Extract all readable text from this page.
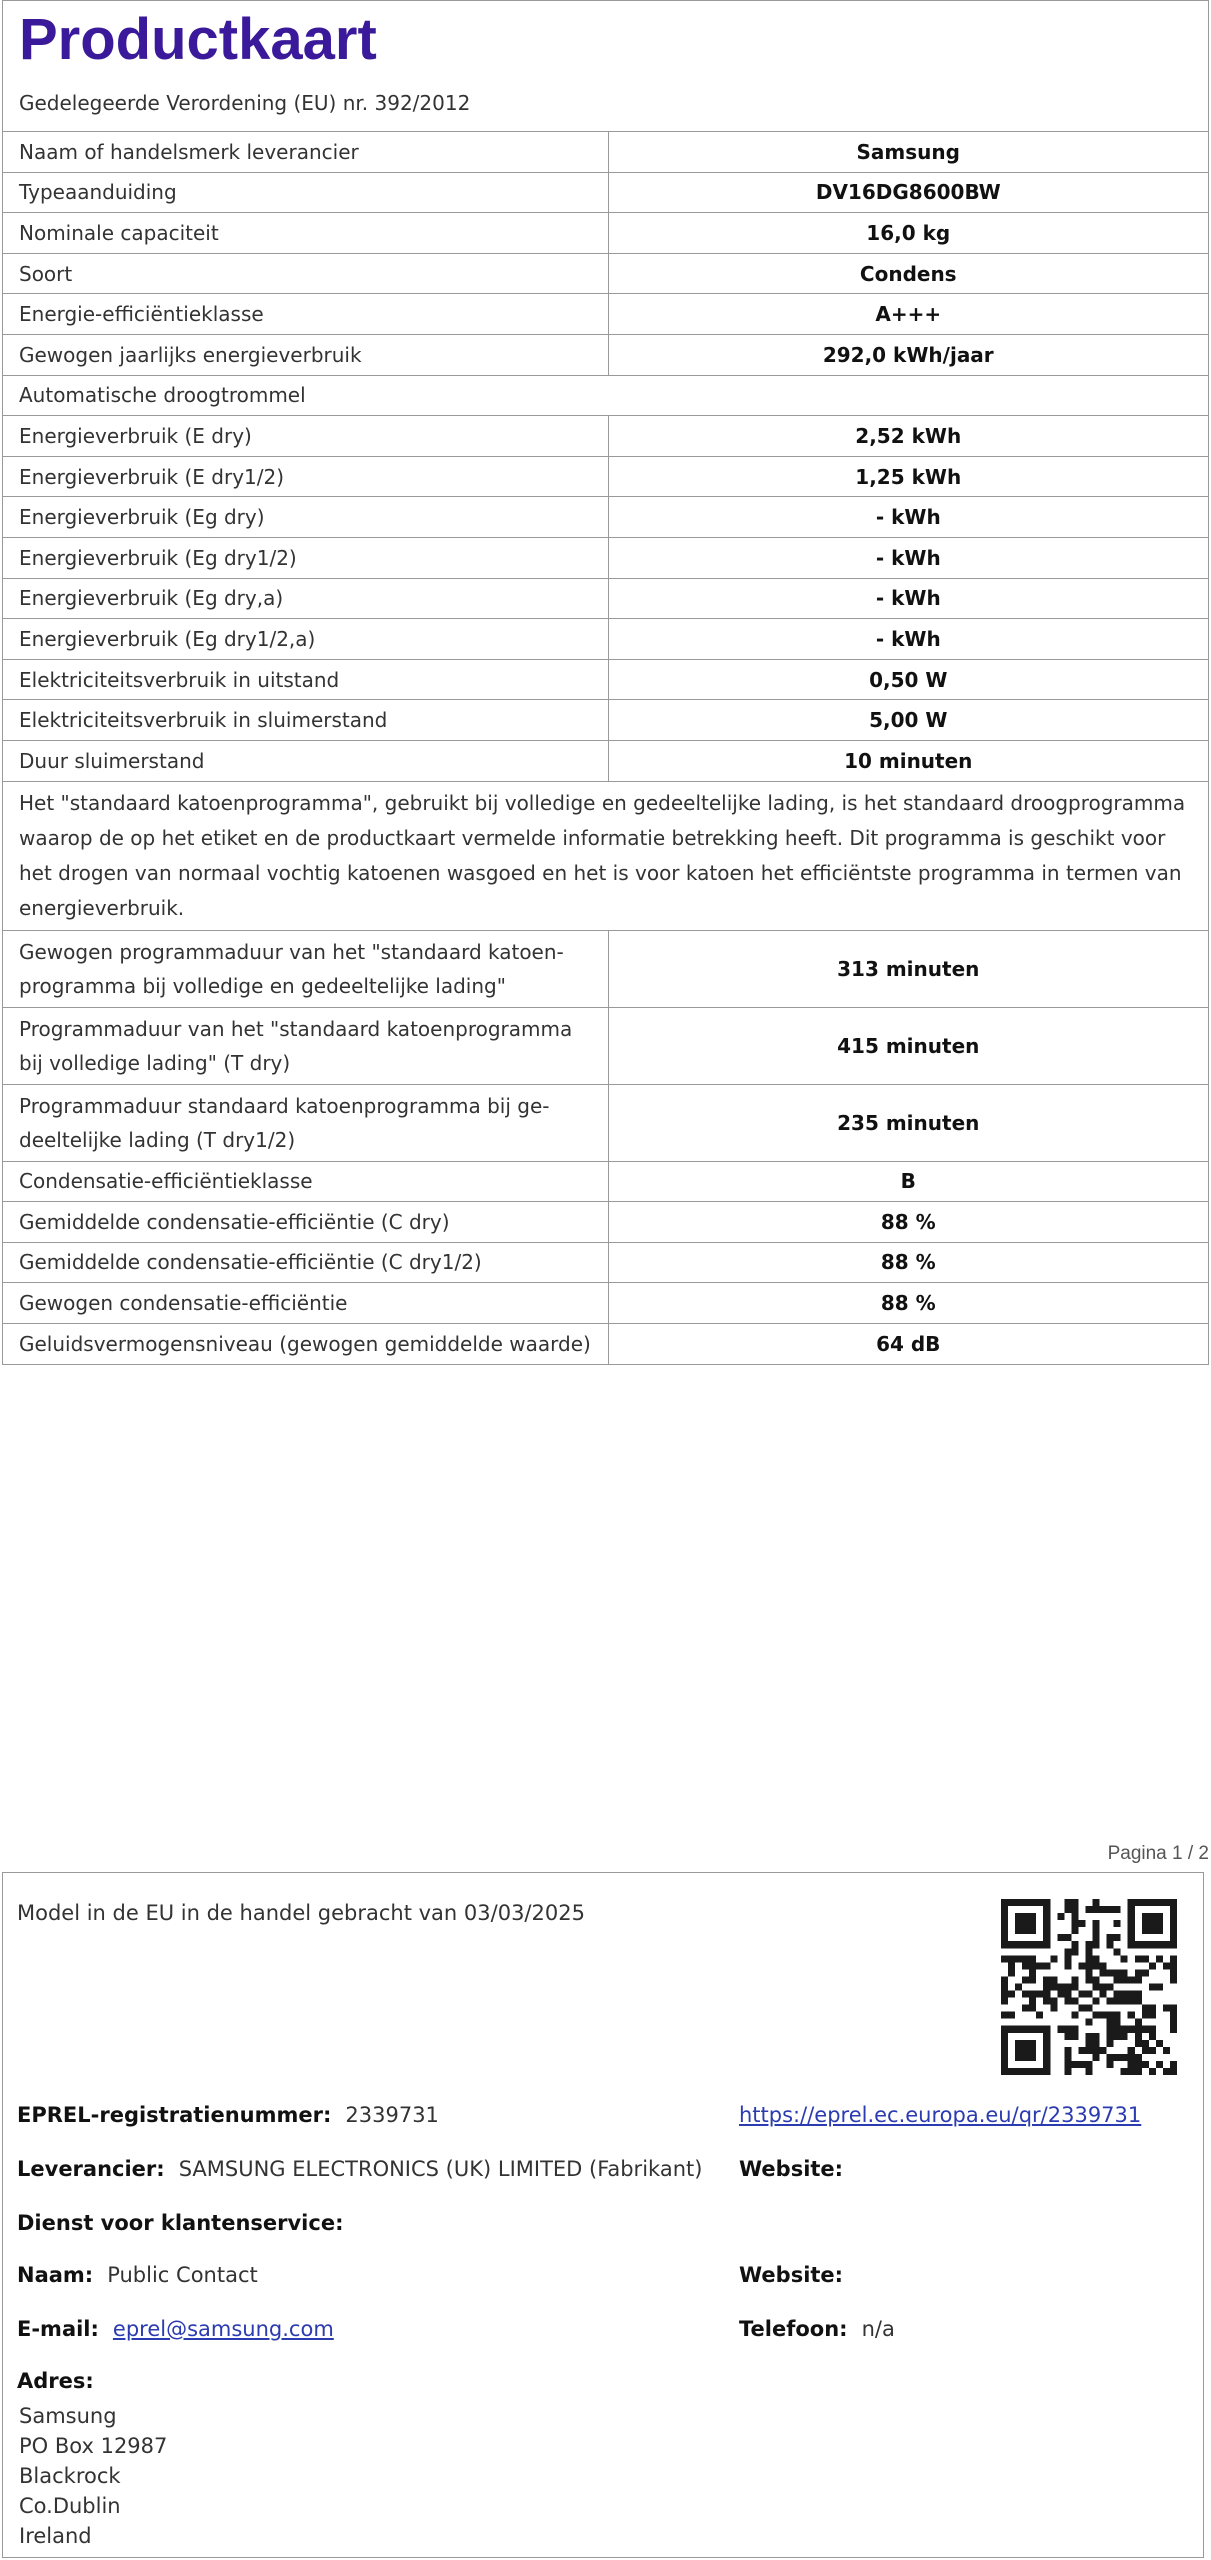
Productkaart
Gedelegeerde Verordening (EU) nr. 392/2012
Naam of handelsmerk leverancier	Samsung
Typeaanduiding	DV16DG8600BW
Nominale capaciteit	16,0 kg
Soort	Condens
Energie-efficiëntieklasse	A+++
Gewogen jaarlijks energieverbruik	292,0 kWh/jaar
Automatische droogtrommel	
Energieverbruik (E dry)	2,52 kWh
Energieverbruik (E dry1/2)	1,25 kWh
Energieverbruik (Eg dry)	- kWh
Energieverbruik (Eg dry1/2)	- kWh
Energieverbruik (Eg dry,a)	- kWh
Energieverbruik (Eg dry1/2,a)	- kWh
Elektriciteitsverbruik in uitstand	0,50 W
Elektriciteitsverbruik in sluimerstand	5,00 W
Duur sluimerstand	10 minuten
Het "standaard katoenprogramma", gebruikt bij volledige en gedeeltelijke lading, is het standaard droogprogramma waarop de op het etiket en de productkaart vermelde informatie betrekking heeft. Dit programma is geschikt voor het drogen van normaal vochtig katoenen wasgoed en het is voor katoen het efficiëntste programma in termen van energieverbruik.	

Gewogen programmaduur van het "standaard katoen-
programma bij volledige en gedeeltelijke lading"	313 minuten

Programmaduur van het "standaard katoenprogramma
bij volledige lading" (T dry)	415 minuten

Programmaduur standaard katoenprogramma bij ge-
deeltelijke lading (T dry1/2)	235 minuten
Condensatie-efficiëntieklasse	B
Gemiddelde condensatie-efficiëntie (C dry)	88 %
Gemiddelde condensatie-efficiëntie (C dry1/2)	88 %
Gewogen condensatie-efficiëntie	88 %
Geluidsvermogensniveau (gewogen gemiddelde waarde)	64 dB
Pagina 1 / 2
Model in de EU in de handel gebracht van 03/03/2025
EPREL-registratienummer: 2339731	https://eprel.ec.europa.eu/qr/2339731
Leverancier: SAMSUNG ELECTRONICS (UK) LIMITED (Fabrikant) Website:
Dienst voor klantenservice:
Naam: Public Contact	Website:
E-mail: eprel@samsung.com	Telefoon: n/a
Adres:
Samsung
PO Box 12987
Blackrock
Co.Dublin
Ireland
